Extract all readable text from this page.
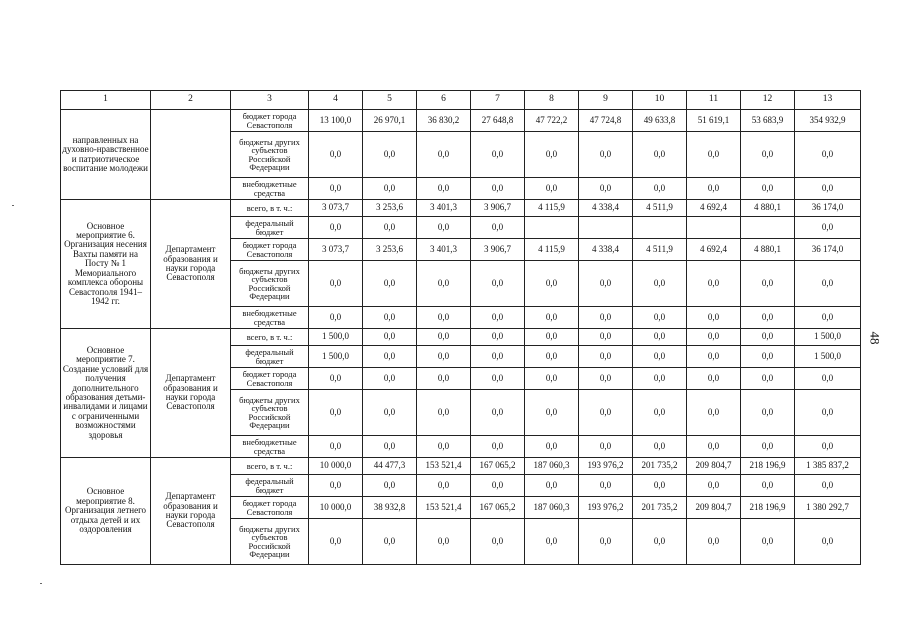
1	2	3	4	5	6	7	8	9	10	11	12	13
направленных на духовно-нравственное и патриотическое воспитание молодежи		бюджет города Севастополя	13 100,0	26 970,1	36 830,2	27 648,8	47 722,2	47 724,8	49 633,8	51 619,1	53 683,9	354 932,9
		бюджеты других субъектов Российской Федерации	0,0	0,0	0,0	0,0	0,0	0,0	0,0	0,0	0,0	0,0
		внебюджетные средства	0,0	0,0	0,0	0,0	0,0	0,0	0,0	0,0	0,0	0,0
Основное мероприятие 6. Организация несения Вахты памяти на Посту № 1 Мемориального комплекса обороны Севастополя 1941–1942 гг.	Департамент образования и науки города Севастополя	всего, в т. ч.:	3 073,7	3 253,6	3 401,3	3 906,7	4 115,9	4 338,4	4 511,9	4 692,4	4 880,1	36 174,0
		федеральный бюджет	0,0	0,0	0,0	0,0						0,0
		бюджет города Севастополя	3 073,7	3 253,6	3 401,3	3 906,7	4 115,9	4 338,4	4 511,9	4 692,4	4 880,1	36 174,0
		бюджеты других субъектов Российской Федерации	0,0	0,0	0,0	0,0	0,0	0,0	0,0	0,0	0,0	0,0
		внебюджетные средства	0,0	0,0	0,0	0,0	0,0	0,0	0,0	0,0	0,0	0,0
Основное мероприятие 7. Создание условий для получения дополнительного образования детьми-инвалидами и лицами с ограниченными возможностями здоровья	Департамент образования и науки города Севастополя	всего, в т. ч.:	1 500,0	0,0	0,0	0,0	0,0	0,0	0,0	0,0	0,0	1 500,0
		федеральный бюджет	1 500,0	0,0	0,0	0,0	0,0	0,0	0,0	0,0	0,0	1 500,0
		бюджет города Севастополя	0,0	0,0	0,0	0,0	0,0	0,0	0,0	0,0	0,0	0,0
		бюджеты других субъектов Российской Федерации	0,0	0,0	0,0	0,0	0,0	0,0	0,0	0,0	0,0	0,0
		внебюджетные средства	0,0	0,0	0,0	0,0	0,0	0,0	0,0	0,0	0,0	0,0
Основное мероприятие 8. Организация летнего отдыха детей и их оздоровления	Департамент образования и науки города Севастополя	всего, в т. ч.:	10 000,0	44 477,3	153 521,4	167 065,2	187 060,3	193 976,2	201 735,2	209 804,7	218 196,9	1 385 837,2
		федеральный бюджет	0,0	0,0	0,0	0,0	0,0	0,0	0,0	0,0	0,0	0,0
		бюджет города Севастополя	10 000,0	38 932,8	153 521,4	167 065,2	187 060,3	193 976,2	201 735,2	209 804,7	218 196,9	1 380 292,7
		бюджеты других субъектов Российской Федерации	0,0	0,0	0,0	0,0	0,0	0,0	0,0	0,0	0,0	0,0
48
